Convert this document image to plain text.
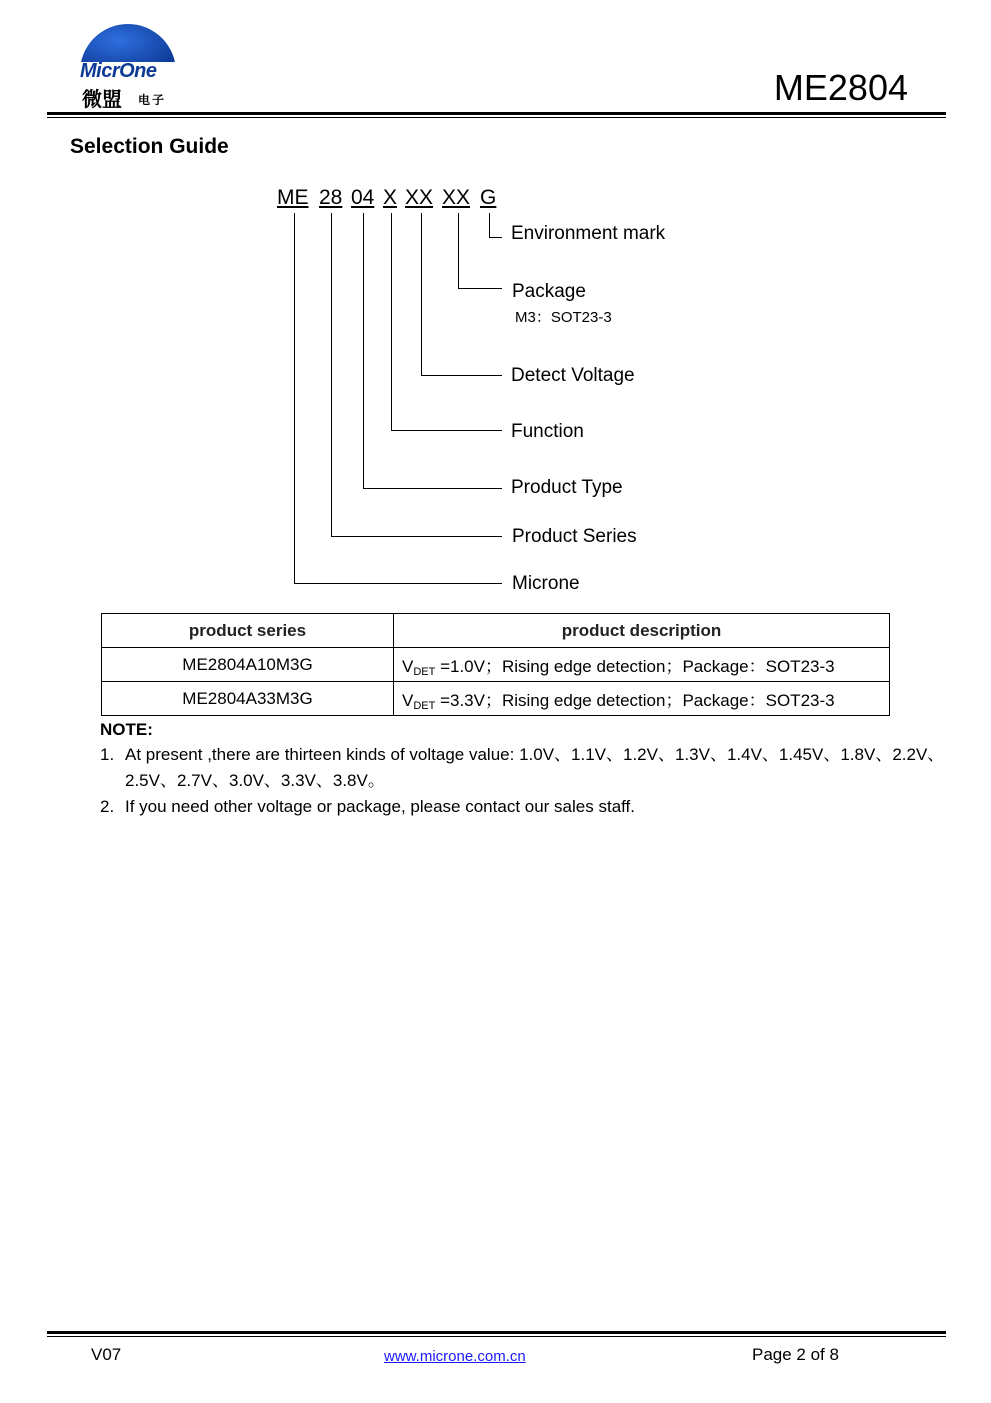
MicrOne
微盟 电子	ME2804
Selection Guide
ME 28 04 X XX XX G
Environment mark
Package
M3：SOT23-3
Detect Voltage
Function
Product Type
Product Series
Microne
product series	product description
ME2804A10M3G	$V_{DET} =1.0V$；Rising edge detection；Package：SOT23-3
ME2804A33M3G	$V_{DET} =3.3V$；Rising edge detection；Package：SOT23-3
NOTE:
1. At present ,there are thirteen kinds of voltage value: 1.0V、1.1V、1.2V、1.3V、1.4V、1.45V、1.8V、2.2V、
2.5V、2.7V、3.0V、3.3V、3.8V。
2. If you need other voltage or package, please contact our sales staff.
V07	www.microne.com.cn	Page 2 of 8
